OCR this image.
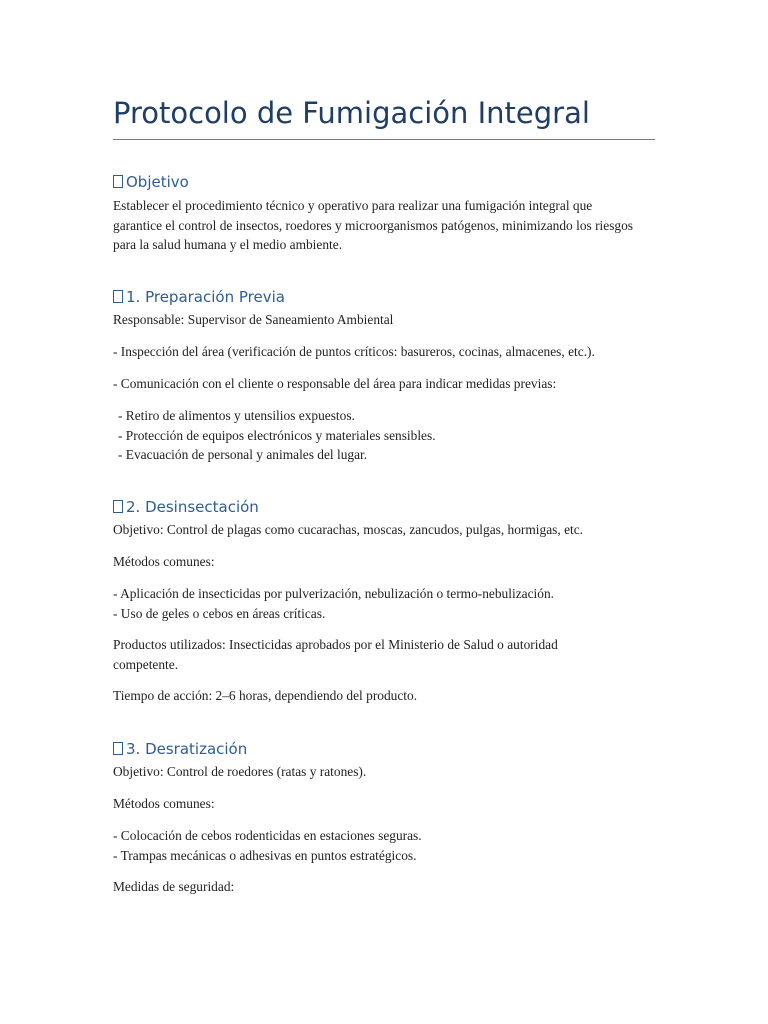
Protocolo de Fumigación Integral
Objetivo

Establecer el procedimiento técnico y operativo para realizar una fumigación integral que garantice el control de insectos, roedores y microorganismos patógenos, minimizando los riesgos para la salud humana y el medio ambiente.

1. Preparación Previa

Responsable: Supervisor de Saneamiento Ambiental

- Inspección del área (verificación de puntos críticos: basureros, cocinas, almacenes, etc.).

- Comunicación con el cliente o responsable del área para indicar medidas previas:

- Retiro de alimentos y utensilios expuestos.
- Protección de equipos electrónicos y materiales sensibles.
- Evacuación de personal y animales del lugar.

2. Desinsectación

Objetivo: Control de plagas como cucarachas, moscas, zancudos, pulgas, hormigas, etc.

Métodos comunes:

- Aplicación de insecticidas por pulverización, nebulización o termo-nebulización.
- Uso de geles o cebos en áreas críticas.

Productos utilizados: Insecticidas aprobados por el Ministerio de Salud o autoridad competente.

Tiempo de acción: 2–6 horas, dependiendo del producto.

3. Desratización

Objetivo: Control de roedores (ratas y ratones).

Métodos comunes:

- Colocación de cebos rodenticidas en estaciones seguras.
- Trampas mecánicas o adhesivas en puntos estratégicos.

Medidas de seguridad:
